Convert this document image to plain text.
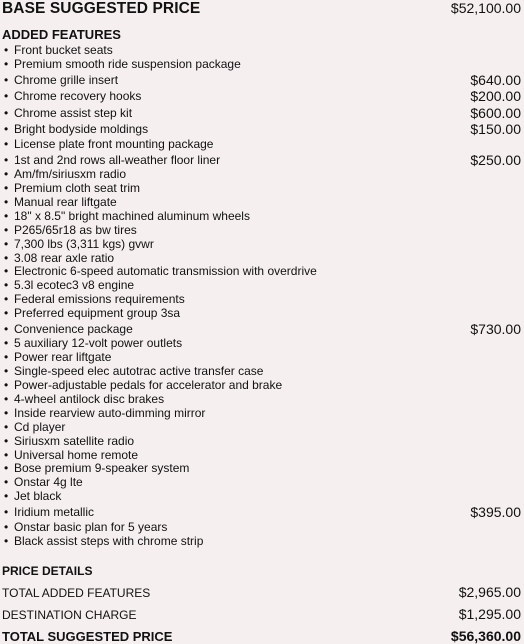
BASE SUGGESTED PRICE	$52,100.00
ADDED FEATURES
• Front bucket seats
• Premium smooth ride suspension package
• Chrome grille insert	$640.00
• Chrome recovery hooks	$200.00
• Chrome assist step kit	$600.00
• Bright bodyside moldings	$150.00
• License plate front mounting package
• 1st and 2nd rows all-weather floor liner	$250.00
• Am/fm/siriusxm radio
• Premium cloth seat trim
• Manual rear liftgate
• 18" x 8.5" bright machined aluminum wheels
• P265/65r18 as bw tires
• 7,300 lbs (3,311 kgs) gvwr
• 3.08 rear axle ratio
• Electronic 6-speed automatic transmission with overdrive
• 5.3l ecotec3 v8 engine
• Federal emissions requirements
• Preferred equipment group 3sa
• Convenience package	$730.00
• 5 auxiliary 12-volt power outlets
• Power rear liftgate
• Single-speed elec autotrac active transfer case
• Power-adjustable pedals for accelerator and brake
• 4-wheel antilock disc brakes
• Inside rearview auto-dimming mirror
• Cd player
• Siriusxm satellite radio
• Universal home remote
• Bose premium 9-speaker system
• Onstar 4g lte
• Jet black
• Iridium metallic	$395.00
• Onstar basic plan for 5 years
• Black assist steps with chrome strip
PRICE DETAILS
TOTAL ADDED FEATURES	$2,965.00
DESTINATION CHARGE	$1,295.00
TOTAL SUGGESTED PRICE	$56,360.00
